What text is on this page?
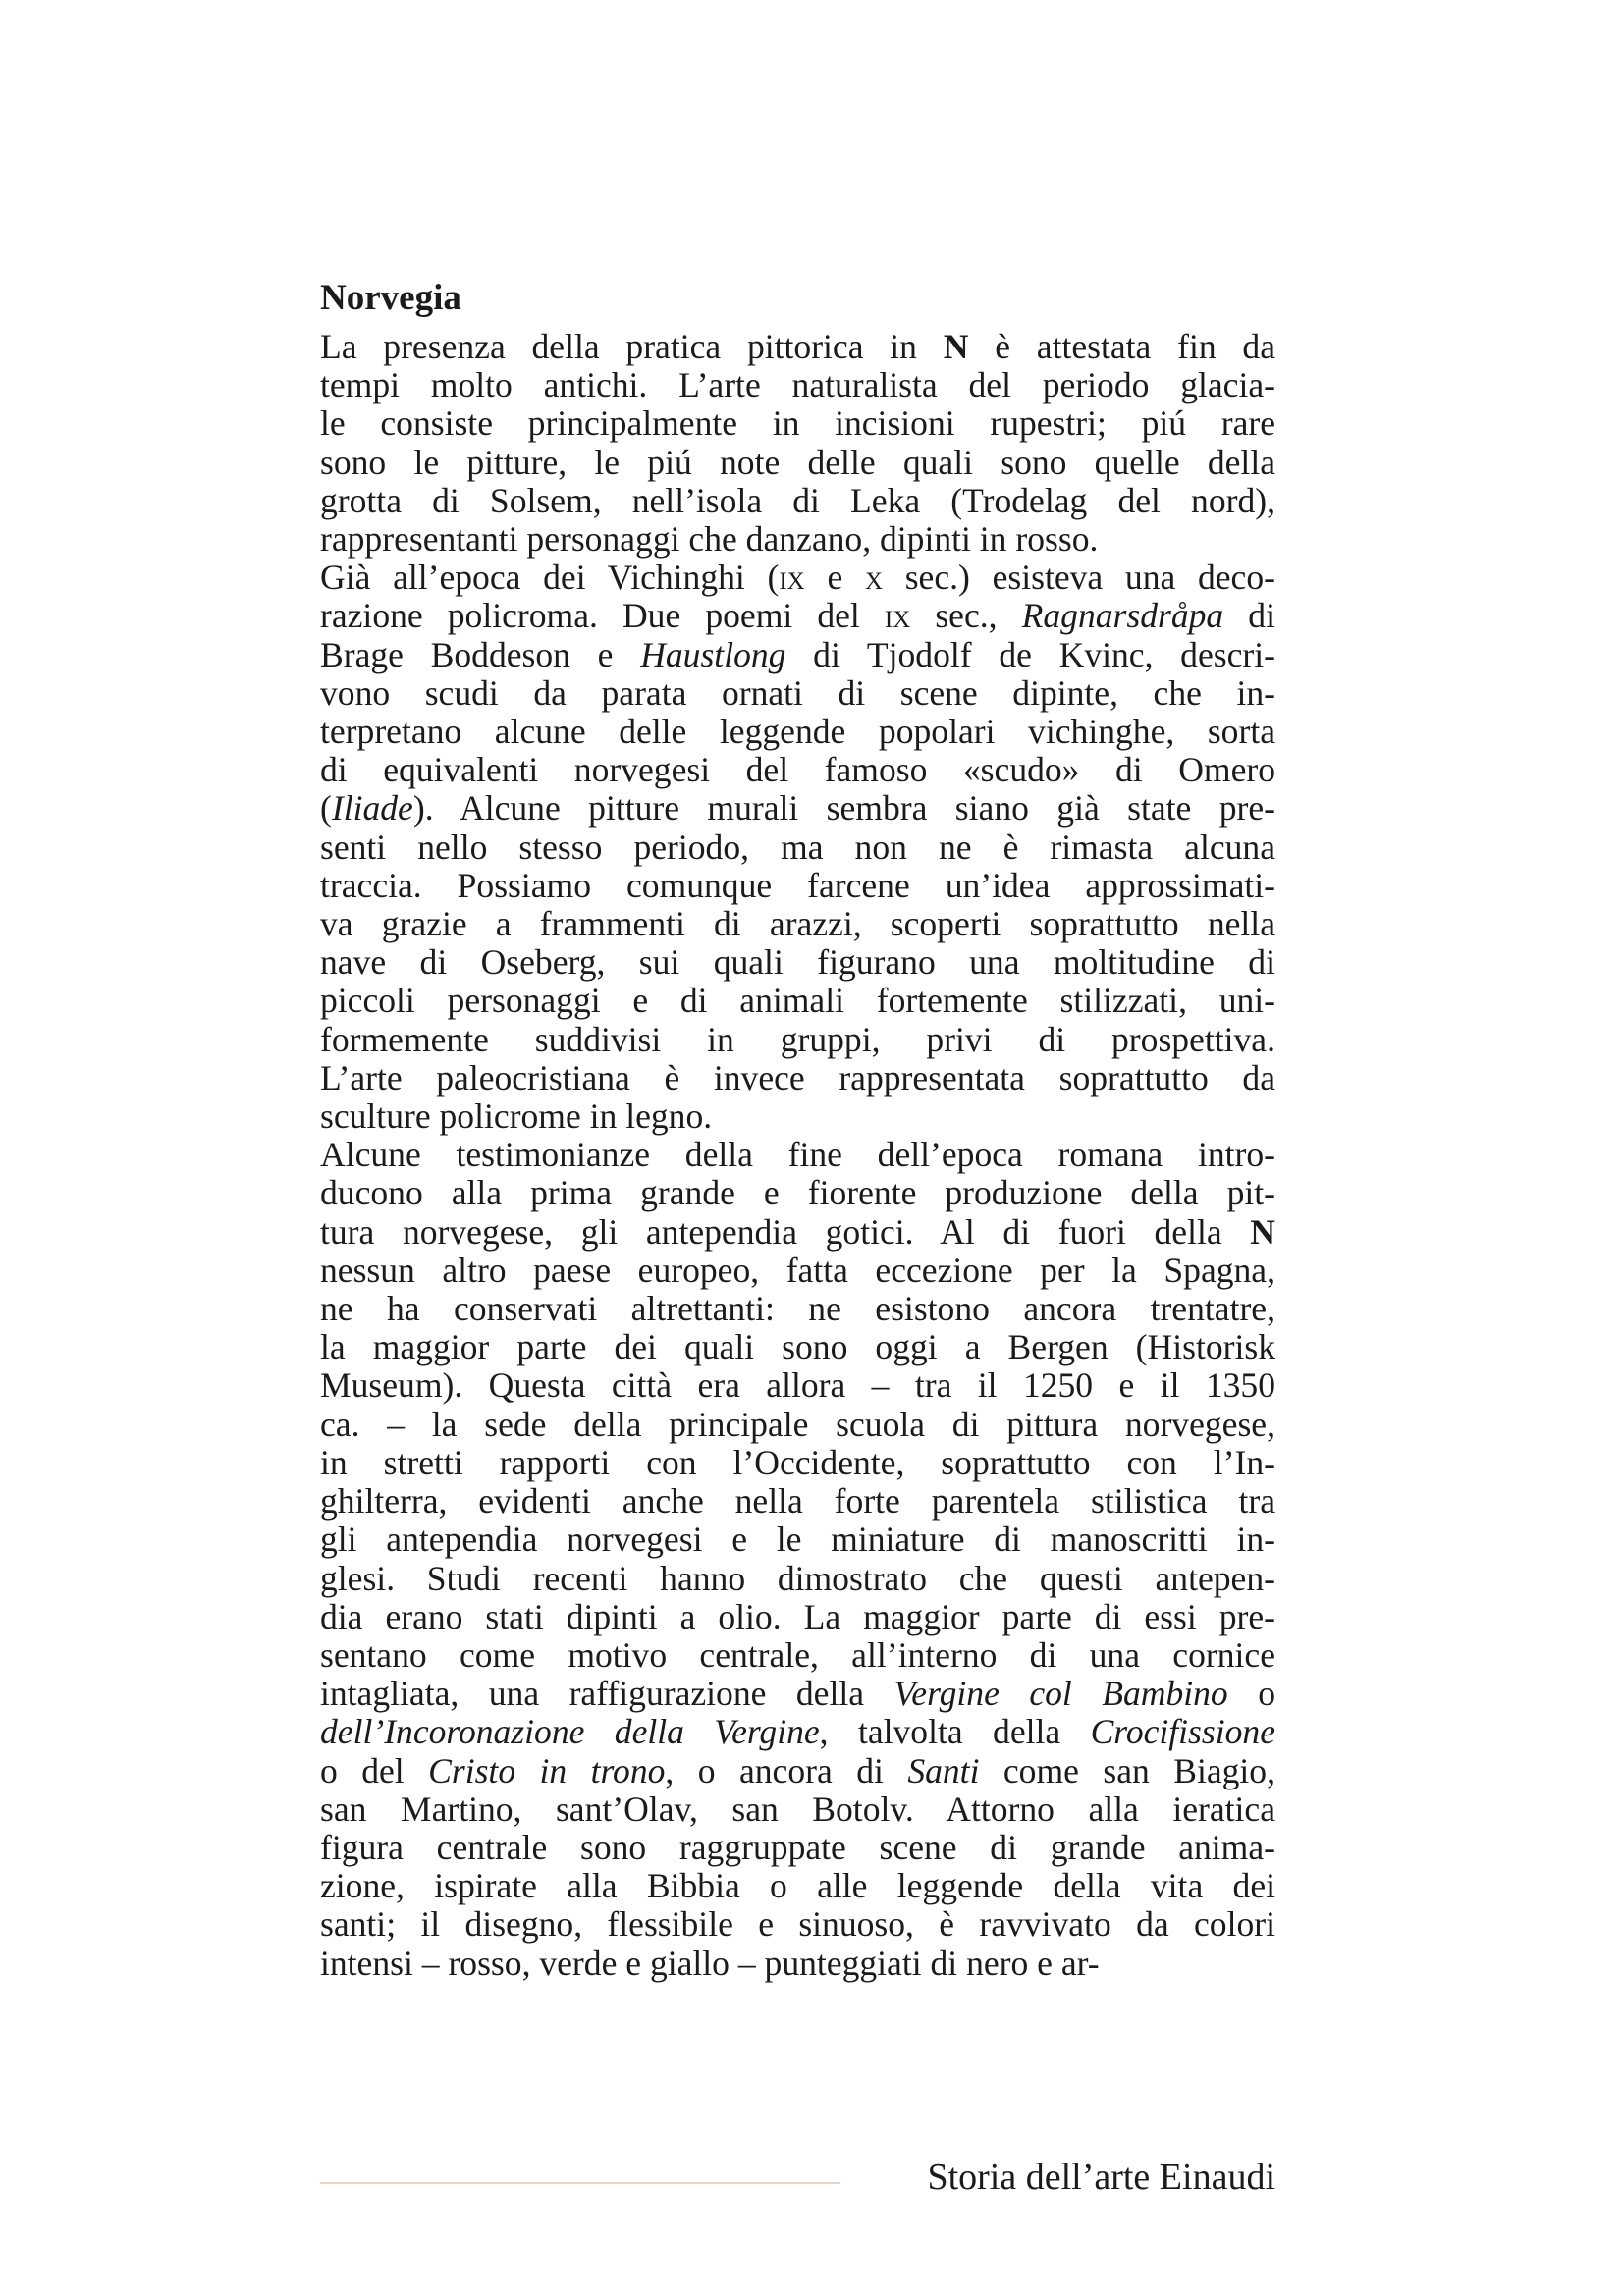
Norvegia
La presenza della pratica pittorica in N è attestata fin da
tempi molto antichi. L’arte naturalista del periodo glacia-
le consiste principalmente in incisioni rupestri; piú rare
sono le pitture, le piú note delle quali sono quelle della
grotta di Solsem, nell’isola di Leka (Trodelag del nord),
rappresentanti personaggi che danzano, dipinti in rosso.
Già all’epoca dei Vichinghi (ix e x sec.) esisteva una deco-
razione policroma. Due poemi del ix sec., Ragnarsdråpa di
Brage Boddeson e Haustlong di Tjodolf de Kvinc, descri-
vono scudi da parata ornati di scene dipinte, che in-
terpretano alcune delle leggende popolari vichinghe, sorta
di equivalenti norvegesi del famoso «scudo» di Omero
(Iliade). Alcune pitture murali sembra siano già state pre-
senti nello stesso periodo, ma non ne è rimasta alcuna
traccia. Possiamo comunque farcene un’idea approssimati-
va grazie a frammenti di arazzi, scoperti soprattutto nella
nave di Oseberg, sui quali figurano una moltitudine di
piccoli personaggi e di animali fortemente stilizzati, uni-
formemente suddivisi in gruppi, privi di prospettiva.
L’arte paleocristiana è invece rappresentata soprattutto da
sculture policrome in legno.
Alcune testimonianze della fine dell’epoca romana intro-
ducono alla prima grande e fiorente produzione della pit-
tura norvegese, gli antependia gotici. Al di fuori della N
nessun altro paese europeo, fatta eccezione per la Spagna,
ne ha conservati altrettanti: ne esistono ancora trentatre,
la maggior parte dei quali sono oggi a Bergen (Historisk
Museum). Questa città era allora – tra il 1250 e il 1350
ca. – la sede della principale scuola di pittura norvegese,
in stretti rapporti con l’Occidente, soprattutto con l’In-
ghilterra, evidenti anche nella forte parentela stilistica tra
gli antependia norvegesi e le miniature di manoscritti in-
glesi. Studi recenti hanno dimostrato che questi antepen-
dia erano stati dipinti a olio. La maggior parte di essi pre-
sentano come motivo centrale, all’interno di una cornice
intagliata, una raffigurazione della Vergine col Bambino o
dell’Incoronazione della Vergine, talvolta della Crocifissione
o del Cristo in trono, o ancora di Santi come san Biagio,
san Martino, sant’Olav, san Botolv. Attorno alla ieratica
figura centrale sono raggruppate scene di grande anima-
zione, ispirate alla Bibbia o alle leggende della vita dei
santi; il disegno, flessibile e sinuoso, è ravvivato da colori
intensi – rosso, verde e giallo – punteggiati di nero e ar-
Storia dell’arte Einaudi
